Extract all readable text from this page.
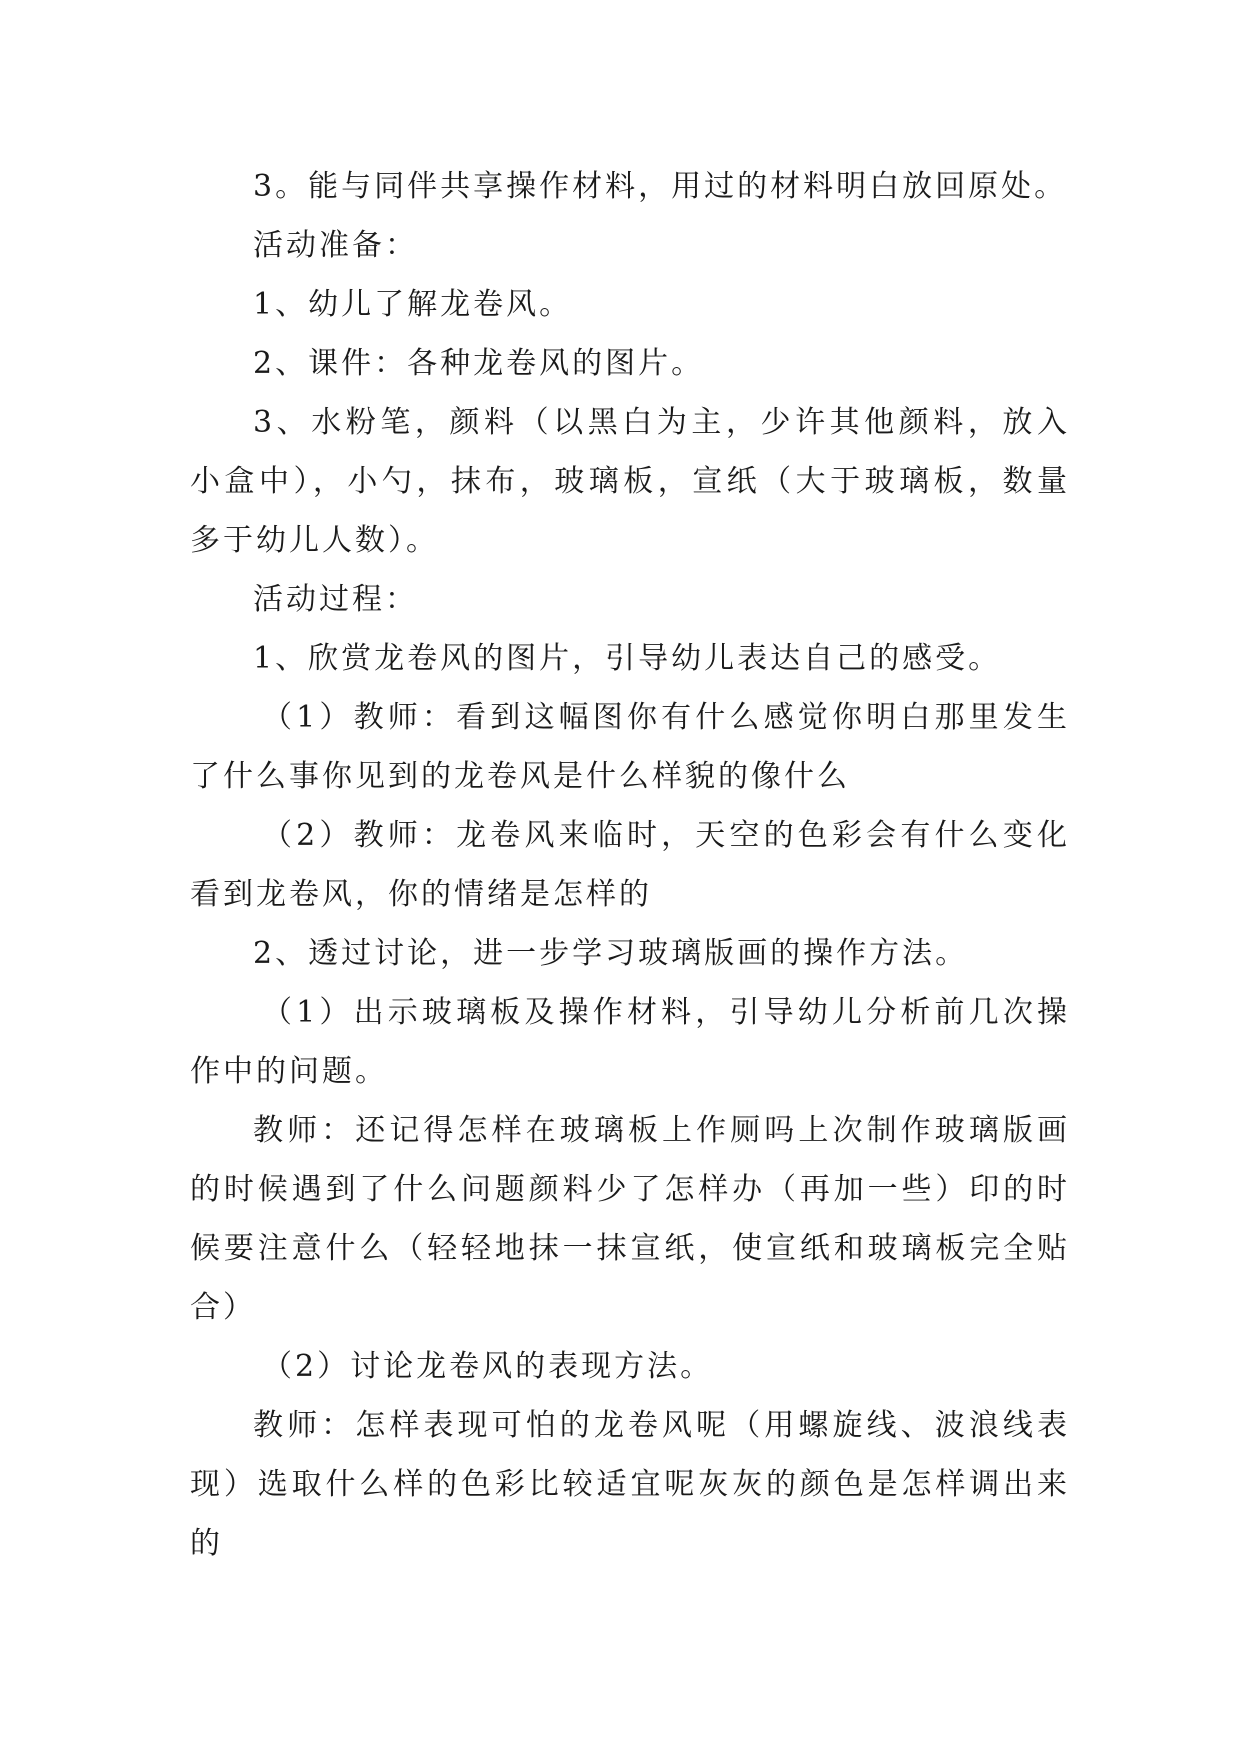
3。能与同伴共享操作材料，用过的材料明白放回原处。
活动准备：
1、幼儿了解龙卷风。
2、课件：各种龙卷风的图片。
3、水粉笔，颜料（以黑白为主，少许其他颜料，放入
小盒中），小勺，抹布，玻璃板，宣纸（大于玻璃板，数量
多于幼儿人数）。
活动过程：
1、欣赏龙卷风的图片，引导幼儿表达自己的感受。
（1）教师：看到这幅图你有什么感觉你明白那里发生
了什么事你见到的龙卷风是什么样貌的像什么
（2）教师：龙卷风来临时，天空的色彩会有什么变化
看到龙卷风，你的情绪是怎样的
2、透过讨论，进一步学习玻璃版画的操作方法。
（1）出示玻璃板及操作材料，引导幼儿分析前几次操
作中的问题。
教师：还记得怎样在玻璃板上作厕吗上次制作玻璃版画
的时候遇到了什么问题颜料少了怎样办（再加一些）印的时
候要注意什么（轻轻地抹一抹宣纸，使宣纸和玻璃板完全贴
合）
（2）讨论龙卷风的表现方法。
教师：怎样表现可怕的龙卷风呢（用螺旋线、波浪线表
现）选取什么样的色彩比较适宜呢灰灰的颜色是怎样调出来
的
